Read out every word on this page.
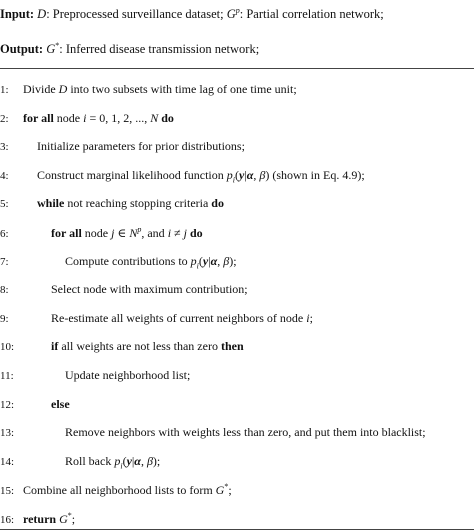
Input: D: Preprocessed surveillance dataset; $G^p$: Partial correlation network;
Output: G*: Inferred disease transmission network;
1: Divide D into two subsets with time lag of one time unit;
2: for all node i = 0, 1, 2, ..., N do
3: Initialize parameters for prior distributions;
4: Construct marginal likelihood function $p_i(y|\alpha$, β) (shown in Eq. 4.9);
5: while not reaching stopping criteria do
6:	for all node j ∈ $N^p$, and i ≠ j do
7:	Compute contributions to $p_i(y|\alpha$, β);
8:	Select node with maximum contribution;
9:	Re-estimate all weights of current neighbors of node i;
10:	if all weights are not less than zero then
11:	Update neighborhood list;
12:	else
13:	Remove neighbors with weights less than zero, and put them into blacklist;
14:	Roll back $p_i(y|\alpha$, β);
15: Combine all neighborhood lists to form G*;
16: return G*;
